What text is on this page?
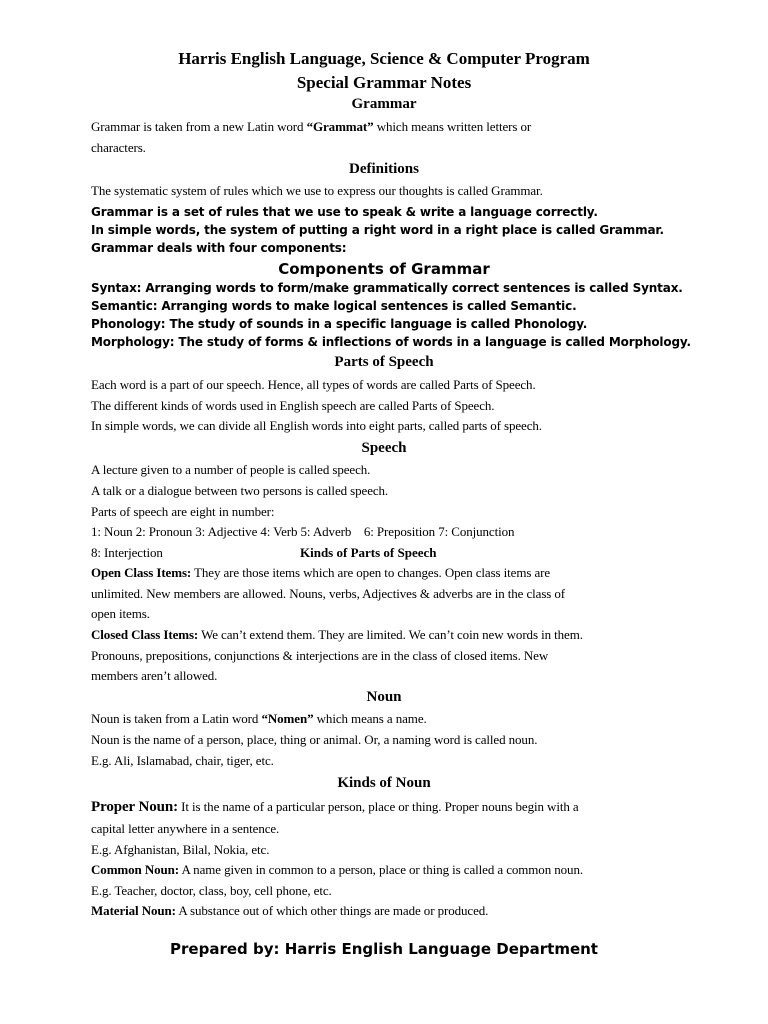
Harris English Language, Science & Computer Program
Special Grammar Notes
Grammar
Grammar is taken from a new Latin word “Grammat” which means written letters or
characters.
Definitions
The systematic system of rules which we use to express our thoughts is called Grammar.
Grammar is a set of rules that we use to speak & write a language correctly.
In simple words, the system of putting a right word in a right place is called Grammar.
Grammar deals with four components:
Components of Grammar
Syntax: Arranging words to form/make grammatically correct sentences is called Syntax.
Semantic: Arranging words to make logical sentences is called Semantic.
Phonology: The study of sounds in a specific language is called Phonology.
Morphology: The study of forms & inflections of words in a language is called Morphology.
Parts of Speech
Each word is a part of our speech. Hence, all types of words are called Parts of Speech.
The different kinds of words used in English speech are called Parts of Speech.
In simple words, we can divide all English words into eight parts, called parts of speech.
Speech
A lecture given to a number of people is called speech.
A talk or a dialogue between two persons is called speech.
Parts of speech are eight in number:
1: Noun 2: Pronoun 3: Adjective 4: Verb 5: Adverb    6: Preposition 7: Conjunction
8: Interjection	Kinds of Parts of Speech
Open Class Items: They are those items which are open to changes. Open class items are
unlimited. New members are allowed. Nouns, verbs, Adjectives & adverbs are in the class of
open items.
Closed Class Items: We can’t extend them. They are limited. We can’t coin new words in them.
Pronouns, prepositions, conjunctions & interjections are in the class of closed items. New
members aren’t allowed.
Noun
Noun is taken from a Latin word “Nomen” which means a name.
Noun is the name of a person, place, thing or animal. Or, a naming word is called noun.
E.g. Ali, Islamabad, chair, tiger, etc.
Kinds of Noun
Proper Noun: It is the name of a particular person, place or thing. Proper nouns begin with a
capital letter anywhere in a sentence.
E.g. Afghanistan, Bilal, Nokia, etc.
Common Noun: A name given in common to a person, place or thing is called a common noun.
E.g. Teacher, doctor, class, boy, cell phone, etc.
Material Noun: A substance out of which other things are made or produced.
Prepared by: Harris English Language Department
